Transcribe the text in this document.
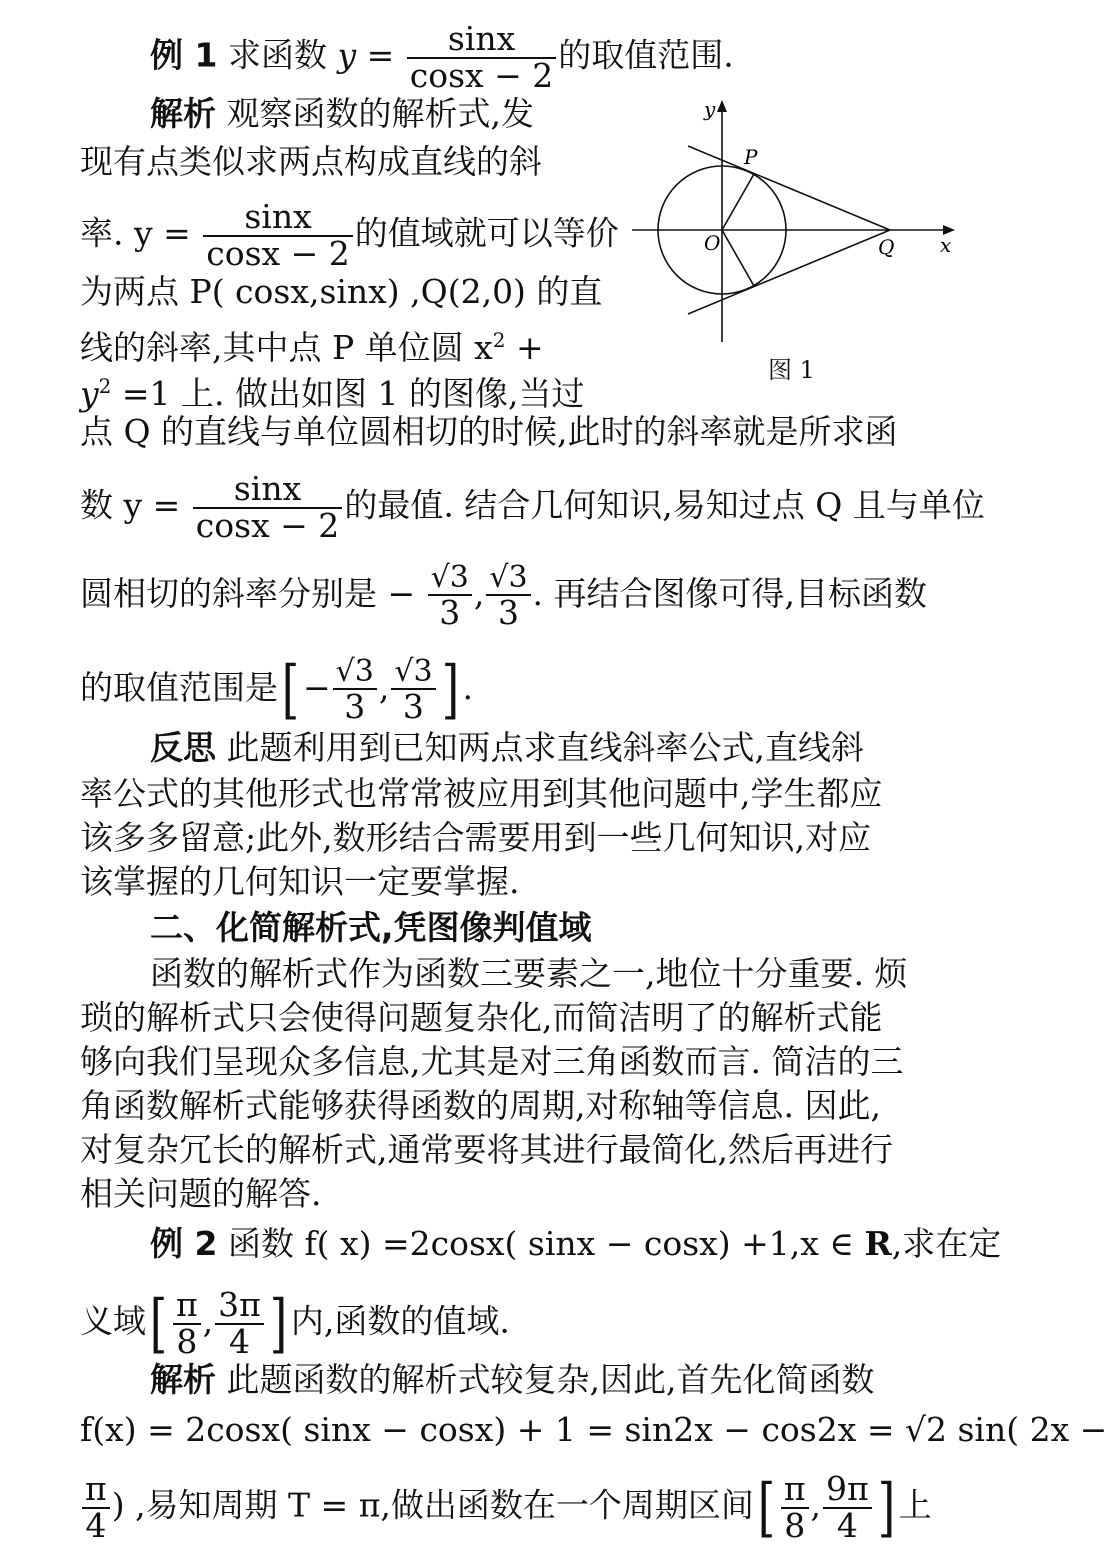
例 1 求函数 $y = \frac{\sin x}{\cos x - 2}$ 的取值范围.
解析 观察函数的解析式,发
现有点类似求两点构成直线的斜
率. $y = \frac{\sin x}{\cos x - 2}$ 的值域就可以等价
为两点 P( cosx,sinx) ,Q(2,0) 的直
线的斜率,其中点 P 单位圆 $x^2$ +
$y^2 =1$ 上. 做出如图 1 的图像,当过
点 Q 的直线与单位圆相切的时候,此时的斜率就是所求函
数 $y = \frac{\sin x}{\cos x - 2}$ 的最值. 结合几何知识,易知过点 Q 且与单位
圆相切的斜率分别是 − $\frac{√3}{3}$ , $\frac{√3}{3}$ . 再结合图像可得,目标函数
的取值范围是[ − $\frac{√3}{3}$ , $\frac{√3}{3}$ ] .
y
x
O
P
Q
图 1
反思 此题利用到已知两点求直线斜率公式,直线斜
率公式的其他形式也常常被应用到其他问题中,学生都应
该多多留意;此外,数形结合需要用到一些几何知识,对应
该掌握的几何知识一定要掌握.
二、化简解析式,凭图像判值域
函数的解析式作为函数三要素之一,地位十分重要. 烦
琐的解析式只会使得问题复杂化,而简洁明了的解析式能
够向我们呈现众多信息,尤其是对三角函数而言. 简洁的三
角函数解析式能够获得函数的周期,对称轴等信息. 因此,
对复杂冗长的解析式,通常要将其进行最简化,然后再进行
相关问题的解答.
例 2 函数 f( x) =2cosx( sinx − cosx) +1,x ∈ R,求在定
义域[ $\frac{\pi}{8}$ , $\frac{3\pi}{4}$ ] 内,函数的值域.
解析 此题函数的解析式较复杂,因此,首先化简函数
f(x) = 2cosx( sinx − cosx) + 1 = sin2x − cos2x = √2 sin( 2x −
$\frac{\pi}{4}$ ) ,易知周期 T = π,做出函数在一个周期区间[ $\frac{\pi}{8}$ , $\frac{9\pi}{4}$ ] 上
